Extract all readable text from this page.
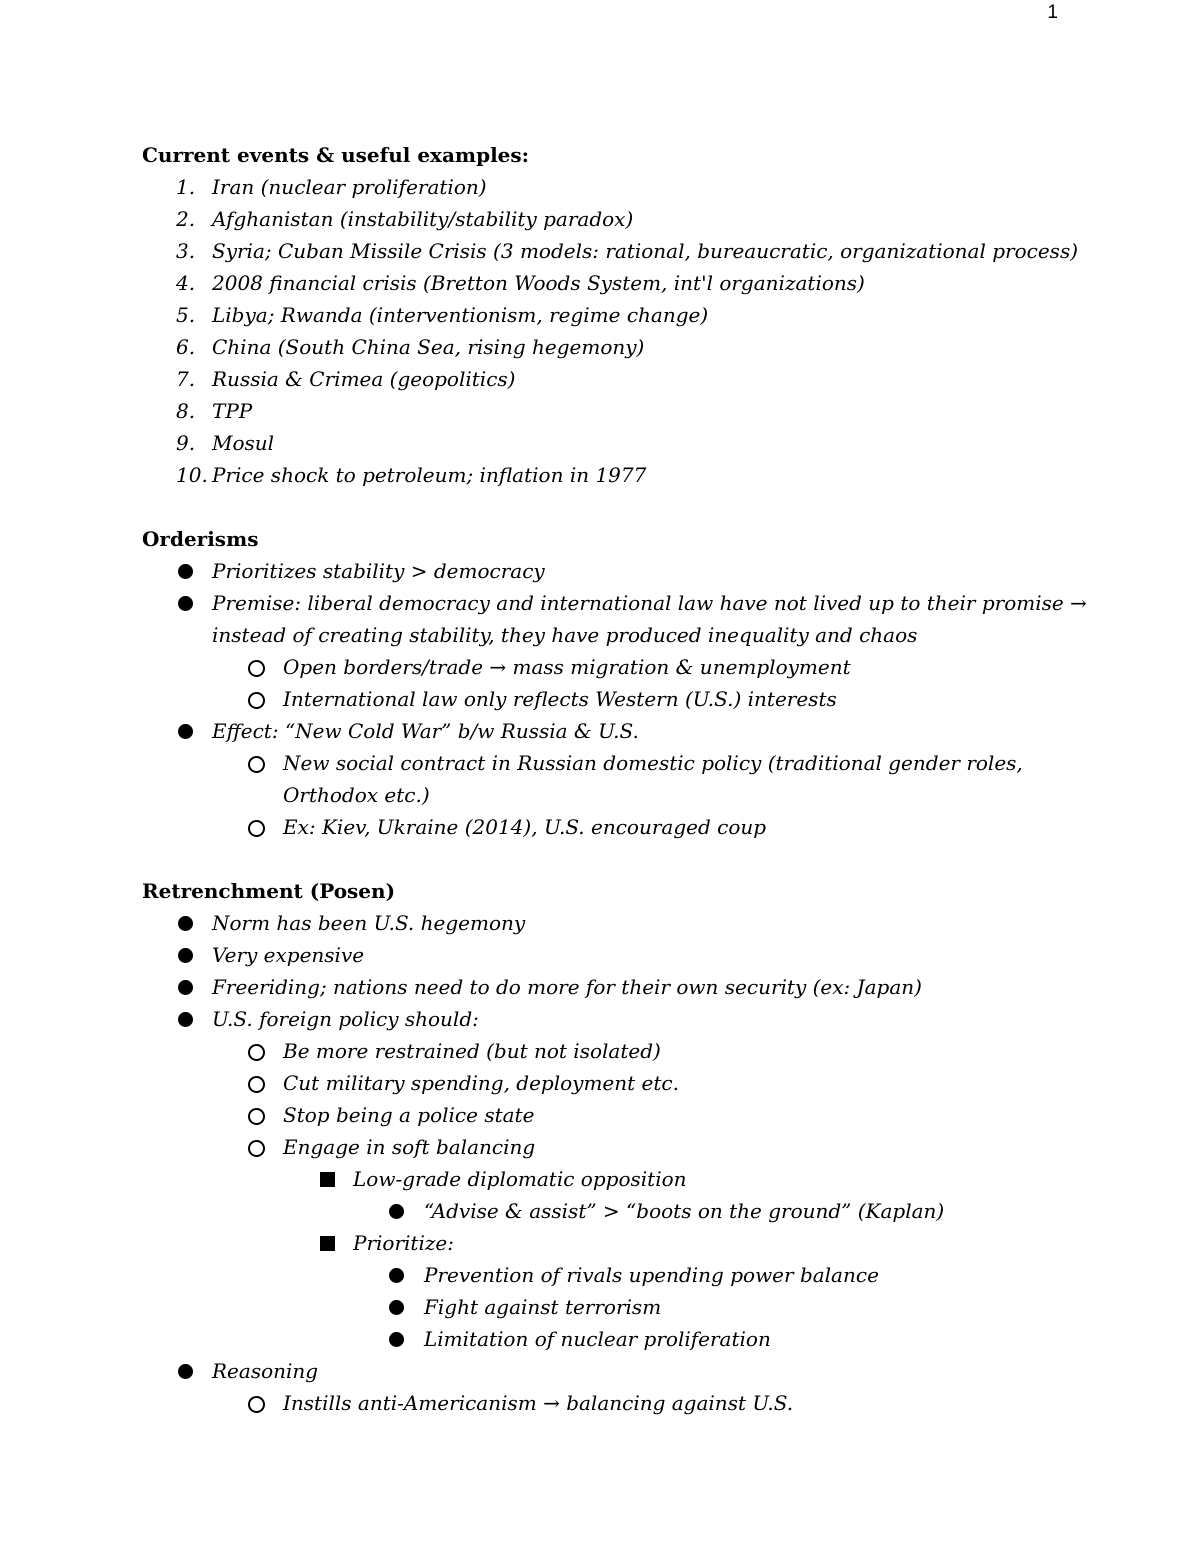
1
Current events & useful examples:
1. Iran (nuclear proliferation)
2. Afghanistan (instability/stability paradox)
3. Syria; Cuban Missile Crisis (3 models: rational, bureaucratic, organizational process)
4. 2008 financial crisis (Bretton Woods System, int'l organizations)
5. Libya; Rwanda (interventionism, regime change)
6. China (South China Sea, rising hegemony)
7. Russia & Crimea (geopolitics)
8. TPP
9. Mosul
10. Price shock to petroleum; inflation in 1977
Orderisms
Prioritizes stability > democracy
Premise: liberal democracy and international law have not lived up to their promise →
instead of creating stability, they have produced inequality and chaos
Open borders/trade → mass migration & unemployment
International law only reflects Western (U.S.) interests
Effect: “New Cold War” b/w Russia & U.S.
New social contract in Russian domestic policy (traditional gender roles,
Orthodox etc.)
Ex: Kiev, Ukraine (2014), U.S. encouraged coup
Retrenchment (Posen)
Norm has been U.S. hegemony
Very expensive
Freeriding; nations need to do more for their own security (ex: Japan)
U.S. foreign policy should:
Be more restrained (but not isolated)
Cut military spending, deployment etc.
Stop being a police state
Engage in soft balancing
Low-grade diplomatic opposition
“Advise & assist” > “boots on the ground” (Kaplan)
Prioritize:
Prevention of rivals upending power balance
Fight against terrorism
Limitation of nuclear proliferation
Reasoning
Instills anti-Americanism → balancing against U.S.
